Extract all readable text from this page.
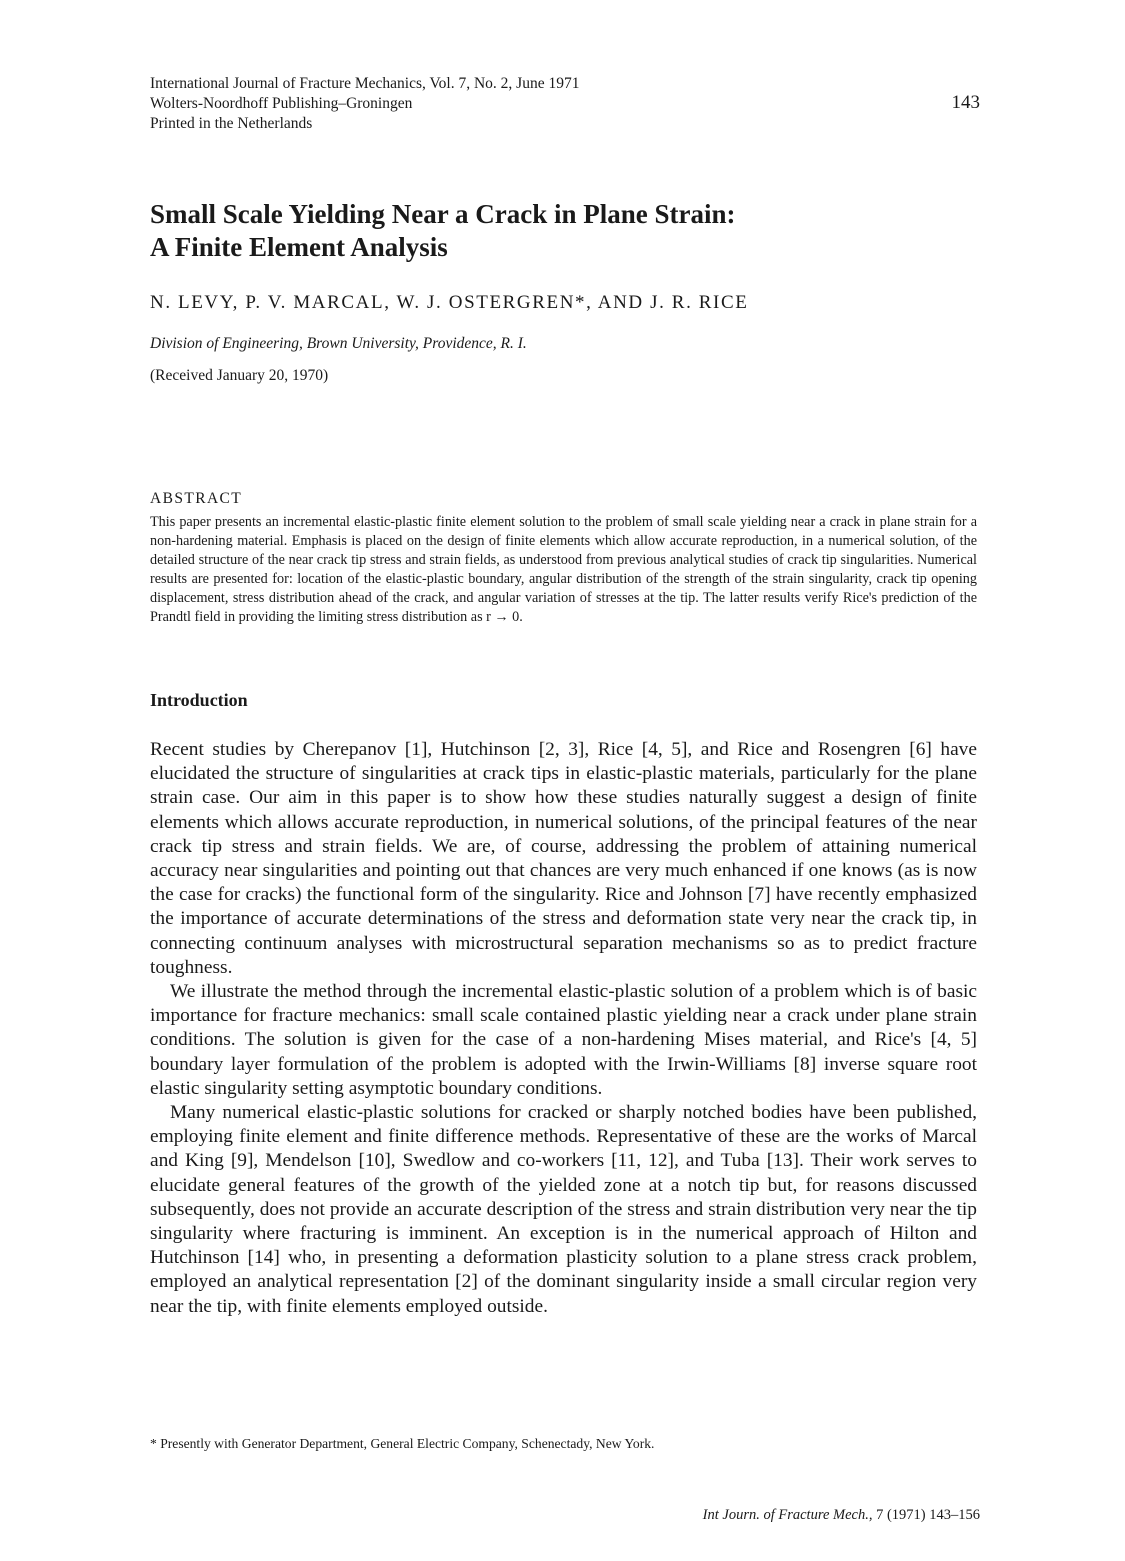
International Journal of Fracture Mechanics, Vol. 7, No. 2, June 1971
Wolters-Noordhoff Publishing–Groningen
Printed in the Netherlands
143
Small Scale Yielding Near a Crack in Plane Strain:
A Finite Element Analysis
N. LEVY, P. V. MARCAL, W. J. OSTERGREN*, AND J. R. RICE
Division of Engineering, Brown University, Providence, R. I.
(Received January 20, 1970)
ABSTRACT
This paper presents an incremental elastic-plastic finite element solution to the problem of small scale yielding near a crack in plane strain for a non-hardening material. Emphasis is placed on the design of finite elements which allow accurate reproduction, in a numerical solution, of the detailed structure of the near crack tip stress and strain fields, as understood from previous analytical studies of crack tip singularities. Numerical results are presented for: location of the elastic-plastic boundary, angular distribution of the strength of the strain singularity, crack tip opening displacement, stress distribution ahead of the crack, and angular variation of stresses at the tip. The latter results verify Rice's prediction of the Prandtl field in providing the limiting stress distribution as r → 0.
Introduction

Recent studies by Cherepanov [1], Hutchinson [2, 3], Rice [4, 5], and Rice and Rosengren [6] have elucidated the structure of singularities at crack tips in elastic-plastic materials, particularly for the plane strain case. Our aim in this paper is to show how these studies naturally suggest a design of finite elements which allows accurate reproduction, in numerical solutions, of the principal features of the near crack tip stress and strain fields. We are, of course, addressing the problem of attaining numerical accuracy near singularities and pointing out that chances are very much enhanced if one knows (as is now the case for cracks) the functional form of the singularity. Rice and Johnson [7] have recently emphasized the importance of accurate determinations of the stress and deformation state very near the crack tip, in connecting continuum analyses with microstructural separation mechanisms so as to predict fracture toughness.

We illustrate the method through the incremental elastic-plastic solution of a problem which is of basic importance for fracture mechanics: small scale contained plastic yielding near a crack under plane strain conditions. The solution is given for the case of a non-hardening Mises material, and Rice's [4, 5] boundary layer formulation of the problem is adopted with the Irwin-Williams [8] inverse square root elastic singularity setting asymptotic boundary conditions.

Many numerical elastic-plastic solutions for cracked or sharply notched bodies have been published, employing finite element and finite difference methods. Representative of these are the works of Marcal and King [9], Mendelson [10], Swedlow and co-workers [11, 12], and Tuba [13]. Their work serves to elucidate general features of the growth of the yielded zone at a notch tip but, for reasons discussed subsequently, does not provide an accurate description of the stress and strain distribution very near the tip singularity where fracturing is imminent. An exception is in the numerical approach of Hilton and Hutchinson [14] who, in presenting a deformation plasticity solution to a plane stress crack problem, employed an analytical representation [2] of the dominant singularity inside a small circular region very near the tip, with finite elements employed outside.

* Presently with Generator Department, General Electric Company, Schenectady, New York.
Int Journ. of Fracture Mech., 7 (1971) 143–156
